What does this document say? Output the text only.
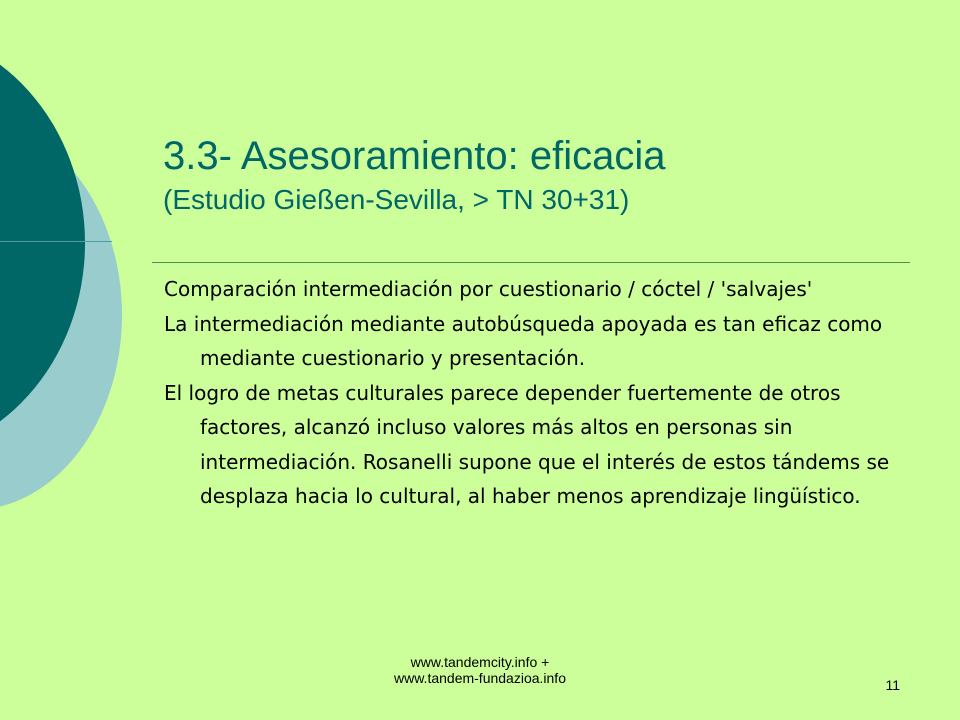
3.3- Asesoramiento: eficacia
(Estudio Gießen-Sevilla, > TN 30+31)

Comparación intermediación por cuestionario / cóctel / 'salvajes'

La intermediación mediante autobúsqueda apoyada es tan eficaz como mediante cuestionario y presentación.

El logro de metas culturales parece depender fuertemente de otros factores, alcanzó incluso valores más altos en personas sin intermediación. Rosanelli supone que el interés de estos tándems se desplaza hacia lo cultural, al haber menos aprendizaje lingüístico.

www.tandemcity.info +
www.tandem-fundazioa.info	11
